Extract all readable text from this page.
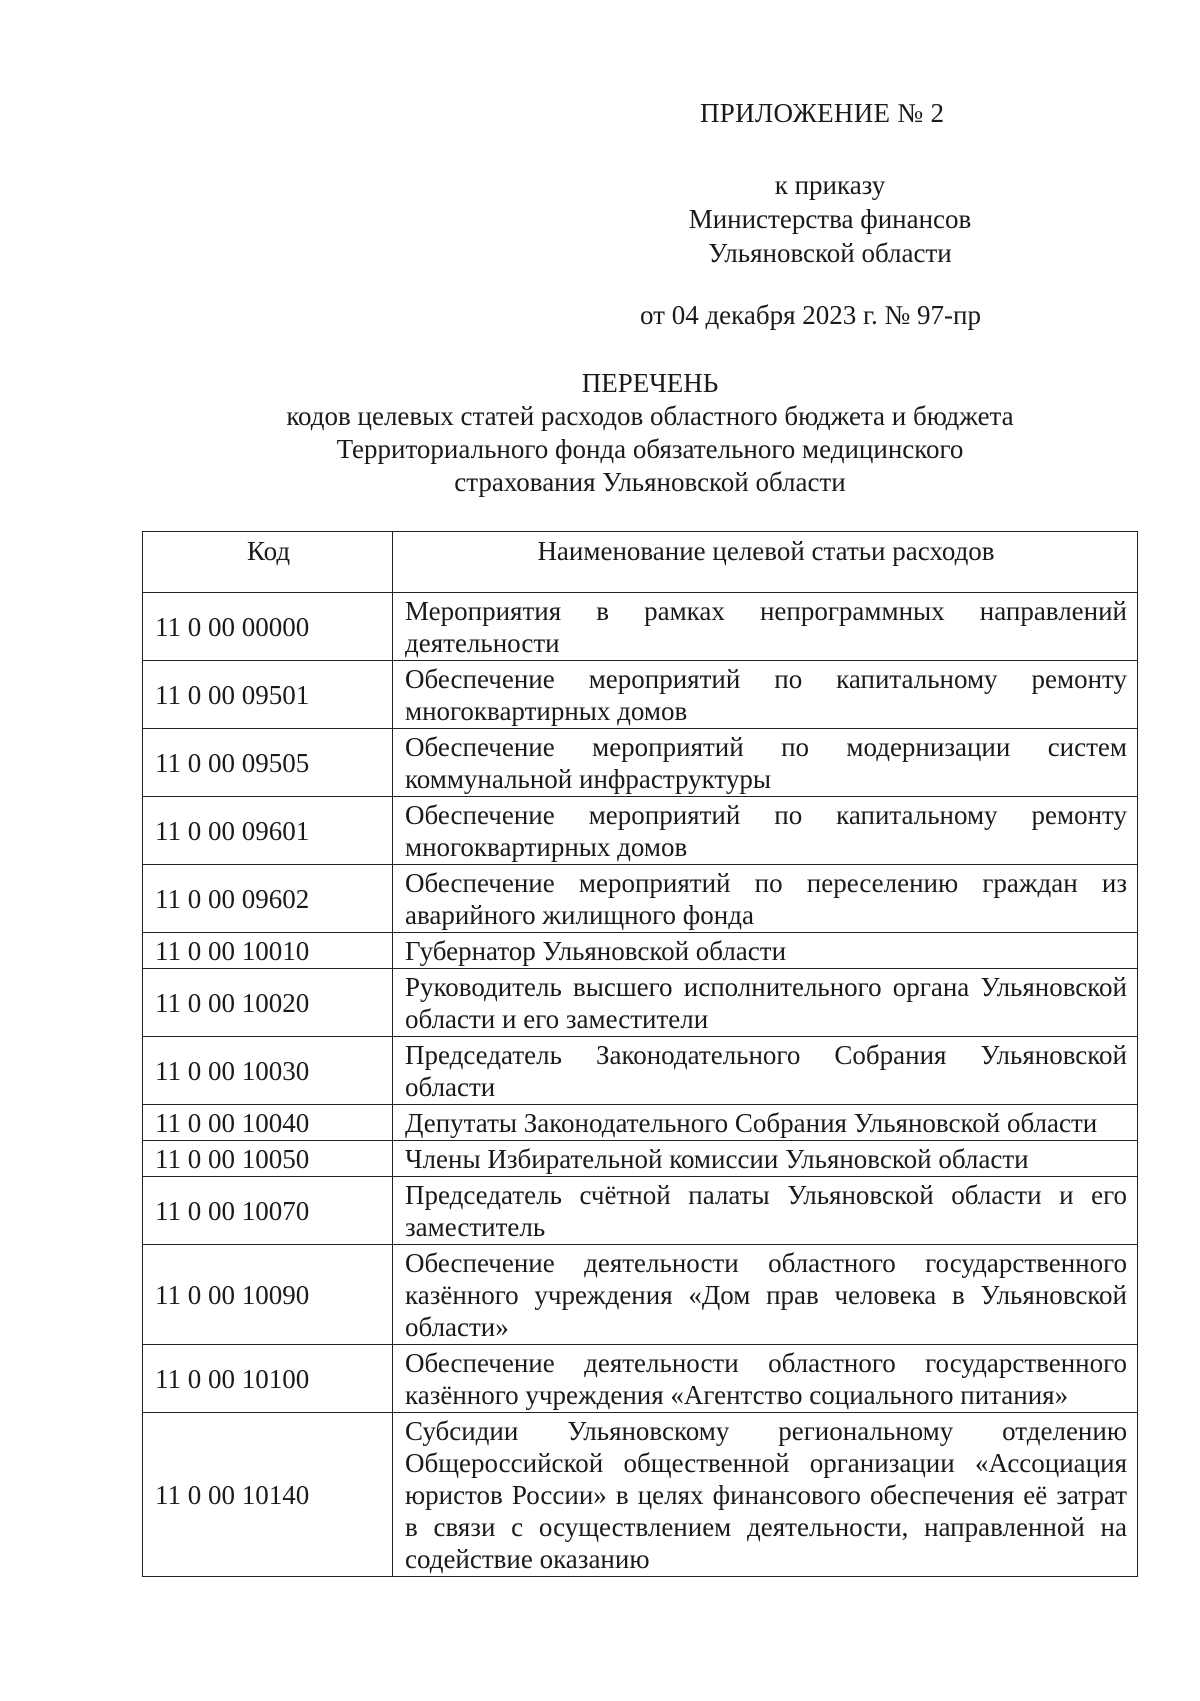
ПРИЛОЖЕНИЕ № 2
к приказу
Министерства финансов
Ульяновской области
от 04 декабря 2023 г. № 97-пр
ПЕРЕЧЕНЬ
кодов целевых статей расходов областного бюджета и бюджета
Территориального фонда обязательного медицинского
страхования Ульяновской области
Код	Наименование целевой статьи расходов
11 0 00 00000	Мероприятия в рамках непрограммных направлений деятельности
11 0 00 09501	Обеспечение мероприятий по капитальному ремонту многоквартирных домов
11 0 00 09505	Обеспечение мероприятий по модернизации систем коммунальной инфраструктуры
11 0 00 09601	Обеспечение мероприятий по капитальному ремонту многоквартирных домов
11 0 00 09602	Обеспечение мероприятий по переселению граждан из аварийного жилищного фонда
11 0 00 10010	Губернатор Ульяновской области
11 0 00 10020	Руководитель высшего исполнительного органа Ульяновской области и его заместители
11 0 00 10030	Председатель Законодательного Собрания Ульяновской области
11 0 00 10040	Депутаты Законодательного Собрания Ульяновской области
11 0 00 10050	Члены Избирательной комиссии Ульяновской области
11 0 00 10070	Председатель счётной палаты Ульяновской области и его заместитель
11 0 00 10090	Обеспечение деятельности областного государственного казённого учреждения «Дом прав человека в Ульяновской области»
11 0 00 10100	Обеспечение деятельности областного государственного казённого учреждения «Агентство социального питания»
11 0 00 10140	Субсидии Ульяновскому региональному отделению Общероссийской общественной организации «Ассоциация юристов России» в целях финансового обеспечения её затрат в связи с осуществлением деятельности, направленной на содействие оказанию
